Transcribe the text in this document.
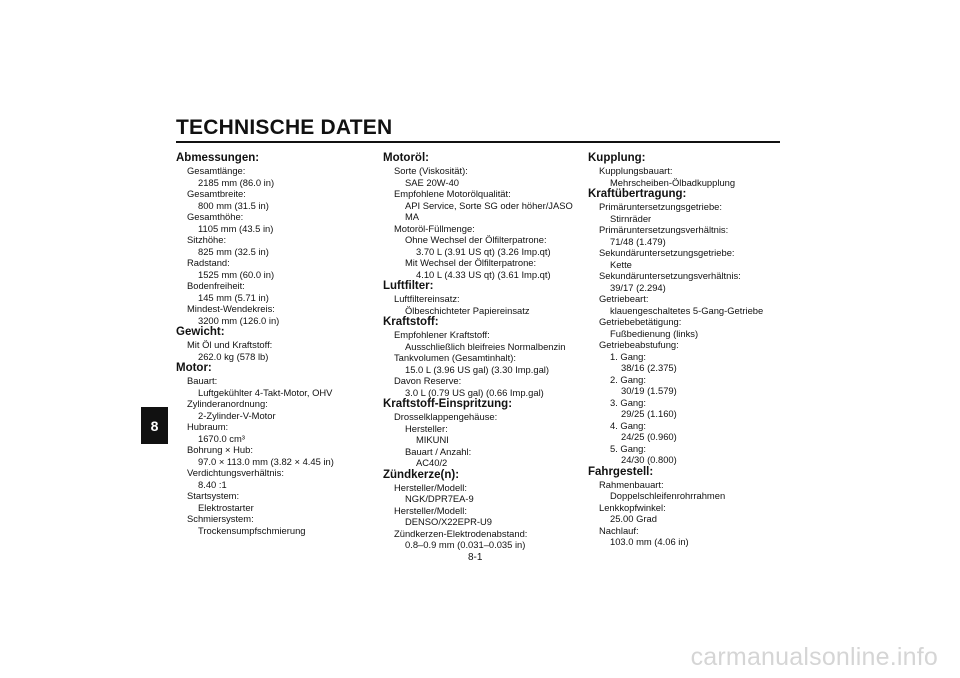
TECHNISCHE DATEN
8
Abmessungen:
Gesamtlänge:
2185 mm (86.0 in)
Gesamtbreite:
800 mm (31.5 in)
Gesamthöhe:
1105 mm (43.5 in)
Sitzhöhe:
825 mm (32.5 in)
Radstand:
1525 mm (60.0 in)
Bodenfreiheit:
145 mm (5.71 in)
Mindest-Wendekreis:
3200 mm (126.0 in)
Gewicht:
Mit Öl und Kraftstoff:
262.0 kg (578 lb)
Motor:
Bauart:
Luftgekühlter 4-Takt-Motor, OHV
Zylinderanordnung:
2-Zylinder-V-Motor
Hubraum:
1670.0 cm³
Bohrung × Hub:
97.0 × 113.0 mm (3.82 × 4.45 in)
Verdichtungsverhältnis:
8.40 :1
Startsystem:
Elektrostarter
Schmiersystem:
Trockensumpfschmierung
Motoröl:
Sorte (Viskosität):
SAE 20W-40
Empfohlene Motorölqualität:
API Service, Sorte SG oder höher/JASO
MA
Motoröl-Füllmenge:
Ohne Wechsel der Ölfilterpatrone:
3.70 L (3.91 US qt) (3.26 Imp.qt)
Mit Wechsel der Ölfilterpatrone:
4.10 L (4.33 US qt) (3.61 Imp.qt)
Luftfilter:
Luftfiltereinsatz:
Ölbeschichteter Papiereinsatz
Kraftstoff:
Empfohlener Kraftstoff:
Ausschließlich bleifreies Normalbenzin
Tankvolumen (Gesamtinhalt):
15.0 L (3.96 US gal) (3.30 Imp.gal)
Davon Reserve:
3.0 L (0.79 US gal) (0.66 Imp.gal)
Kraftstoff-Einspritzung:
Drosselklappengehäuse:
Hersteller:
MIKUNI
Bauart / Anzahl:
AC40/2
Zündkerze(n):
Hersteller/Modell:
NGK/DPR7EA-9
Hersteller/Modell:
DENSO/X22EPR-U9
Zündkerzen-Elektrodenabstand:
0.8–0.9 mm (0.031–0.035 in)
Kupplung:
Kupplungsbauart:
Mehrscheiben-Ölbadkupplung
Kraftübertragung:
Primäruntersetzungsgetriebe:
Stirnräder
Primäruntersetzungsverhältnis:
71/48 (1.479)
Sekundäruntersetzungsgetriebe:
Kette
Sekundäruntersetzungsverhältnis:
39/17 (2.294)
Getriebeart:
klauengeschaltetes 5-Gang-Getriebe
Getriebebetätigung:
Fußbedienung (links)
Getriebeabstufung:
1. Gang:
38/16 (2.375)
2. Gang:
30/19 (1.579)
3. Gang:
29/25 (1.160)
4. Gang:
24/25 (0.960)
5. Gang:
24/30 (0.800)
Fahrgestell:
Rahmenbauart:
Doppelschleifenrohrrahmen
Lenkkopfwinkel:
25.00 Grad
Nachlauf:
103.0 mm (4.06 in)
8-1
carmanualsonline.info
